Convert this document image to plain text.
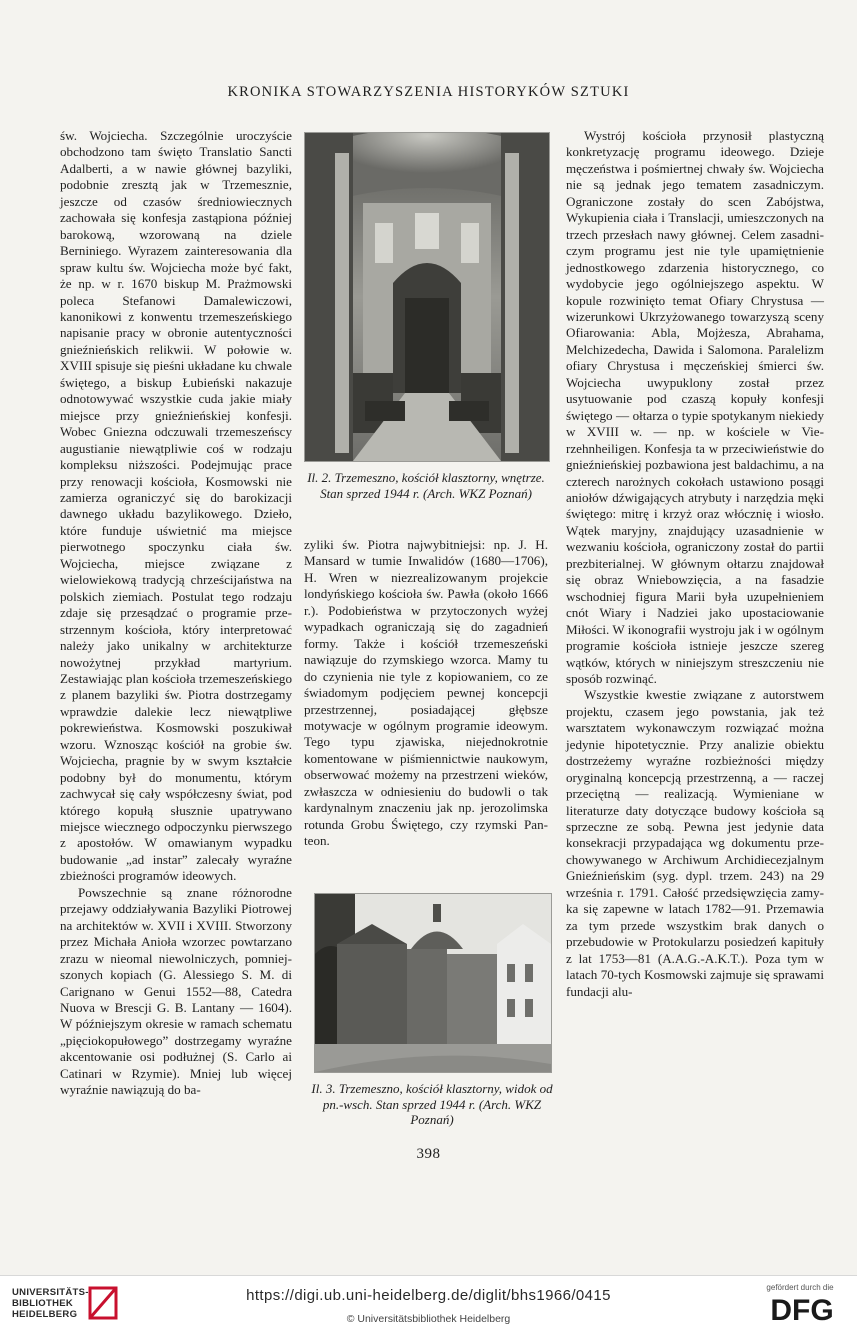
KRONIKA STOWARZYSZENIA HISTORYKÓW SZTUKI

św. Wojciecha. Szczególnie uroczyście obchodzono tam święto Translatio Sancti Adalberti, a w nawie głównej bazyliki, podobnie zresztą jak w Trzemesznie, jeszcze od czasów średniowiecznych zachowała się konfesja zastąpiona później barokową, wzorowaną na dziele Berniniego. Wyrazem zainteresowania dla spraw kultu św. Wojciecha może być fakt, że np. w r. 1670 biskup M. Prażmowski poleca Stefanowi Damalewiczowi, kanonikowi z konwentu trzemeszeńskiego napisanie pracy w obronie autentyczności gnieźnieńskich relikwii. W połowie w. XVIII spisuje się pieśni układane ku chwale świętego, a biskup Łubieński nakazuje odnotowywać wszystkie cuda jakie miały miejsce przy gnieźnieńskiej konfesji. Wobec Gniezna odczuwali trzemeszeńscy augustianie niewątpliwie coś w rodzaju kompleksu niższości. Podejmując prace przy renowacji kościoła, Kosmowski nie zamierza ograniczyć się do barokizacji dawnego układu bazylikowego. Dzieło, które funduje uświetnić ma miejsce pierwotnego spoczynku ciała św. Wojciecha, miejsce związane z wielowiekową tradycją chrześcijaństwa na polskich ziemiach. Postulat tego rodzaju zdaje się przesądzać o programie przestrzennym kościoła, który interpretować należy jako unikalny w architekturze nowożytnej przykład martyrium. Zestawiając plan kościoła trzemeszeńskiego z planem bazyliki św. Piotra dostrzegamy wprawdzie dalekie lecz niewątpliwe pokrewieństwa. Kosmowski poszukiwał wzoru. Wznosząc kościół na grobie św. Wojciecha, pragnie by w swym kształcie podobny był do monumentu, którym zachwycał się cały współczesny świat, pod którego kopułą słusznie upatrywano miejsce wiecznego odpoczynku pierwszego z apostołów. W omawianym wypadku budowanie „ad instar” zalecały wyraźne zbieżności programów ideowych.

Powszechnie są znane różnorodne przejawy oddziaływania Bazyliki Piotrowej na architektów w. XVII i XVIII. Stworzony przez Michała Anioła wzorzec powtarzano zrazu w nieomal niewolniczych, pomniejszonych kopiach (G. Alessiego S. M. di Carignano w Genui 1552—88, Catedra Nuova w Brescji G. B. Lantany — 1604). W późniejszym okresie w ramach schematu „pięciokopułowego” dostrzegamy wyraźne akcentowanie osi podłużnej (S. Carlo ai Catinari w Rzymie). Mniej lub więcej wyraźnie nawiązują do ba-

Il. 2. Trzemeszno, kościół klasztorny, wnętrze. Stan sprzed 1944 r. (Arch. WKZ Poznań)

zyliki św. Piotra najwybitniejsi: np. J. H. Mansard w tumie Inwalidów (1680—1706), H. Wren w niezrealizowanym projekcie londyńskiego kościoła św. Pawła (około 1666 r.). Podobieństwa w przytoczonych wyżej wypadkach ograniczają się do zagadnień formy. Także i kościół trzemeszeński nawiązuje do rzymskiego wzorca. Mamy tu do czynienia nie tyle z kopiowaniem, co ze świadomym podjęciem pewnej koncepcji przestrzennej, posiadającej głębsze motywacje w ogólnym programie ideowym. Tego typu zjawiska, niejednokrotnie komentowane w piśmiennictwie naukowym, obserwować możemy na przestrzeni wieków, zwłaszcza w odniesieniu do budowli o tak kardynalnym znaczeniu jak np. jerozolimska rotunda Grobu Świętego, czy rzymski Panteon.

Il. 3. Trzemeszno, kościół klasztorny, widok od pn.-wsch. Stan sprzed 1944 r. (Arch. WKZ Poznań)

Wystrój kościoła przynosił plastyczną konkretyzację programu ideowego. Dzieje męczeństwa i pośmiertnej chwały św. Wojciecha nie są jednak jego tematem zasadniczym. Ograniczone zostały do scen Zabójstwa, Wykupienia ciała i Translacji, umieszczonych na trzech przesłach nawy głównej. Celem zasadniczym programu jest nie tyle upamiętnienie jednostkowego zdarzenia historycznego, co wydobycie jego ogólniejszego aspektu. W kopule rozwinięto temat Ofiary Chrystusa — wizerunkowi Ukrzyżowanego towarzyszą sceny Ofiarowania: Abla, Mojżesza, Abrahama, Melchizedecha, Dawida i Salomona. Paralelizm ofiary Chrystusa i męczeńskiej śmierci św. Wojciecha uwypuklony został przez usytuowanie pod czaszą kopuły konfesji świętego — ołtarza o typie spotykanym niekiedy w XVIII w. — np. w kościele w Vierzehnheiligen. Konfesja ta w przeciwieństwie do gnieźnieńskiej pozbawiona jest baldachimu, a na czterech narożnych cokołach ustawiono posągi aniołów dźwigających atrybuty i narzędzia męki świętego: mitrę i krzyż oraz włócznię i wiosło. Wątek maryjny, znajdujący uzasadnienie w wezwaniu kościoła, ograniczony został do partii prezbiterialnej. W głównym ołtarzu znajdował się obraz Wniebowzięcia, a na fasadzie wschodniej figura Marii była uzupełnieniem cnót Wiary i Nadziei jako upostaciowanie Miłości. W ikonografii wystroju jak i w ogólnym programie kościoła istnieje jeszcze szereg wątków, których w niniejszym streszczeniu nie sposób rozwinąć.

Wszystkie kwestie związane z autorstwem projektu, czasem jego powstania, jak też warsztatem wykonawczym rozwiązać można jedynie hipotetycznie. Przy analizie obiektu dostrzeżemy wyraźne rozbieżności między oryginalną koncepcją przestrzenną, a — raczej przeciętną — realizacją. Wymieniane w literaturze daty dotyczące budowy kościoła są sprzeczne ze sobą. Pewna jest jedynie data konsekracji przypadająca wg dokumentu przechowywanego w Archiwum Archidiecezjalnym Gnieźnieńskim (syg. dypl. trzem. 243) na 29 września r. 1791. Całość przedsięwzięcia zamyka się zapewne w latach 1782—91. Przemawia za tym przede wszystkim brak danych o przebudowie w Protokularzu posiedzeń kapituły z lat 1753—81 (A.A.G.-A.K.T.). Poza tym w latach 70-tych Kosmowski zajmuje się sprawami fundacji alu-

398
UNIVERSITÄTS-
BIBLIOTHEK
HEIDELBERG
https://digi.ub.uni-heidelberg.de/diglit/bhs1966/0415
© Universitätsbibliothek Heidelberg
gefördert durch die
DFG
